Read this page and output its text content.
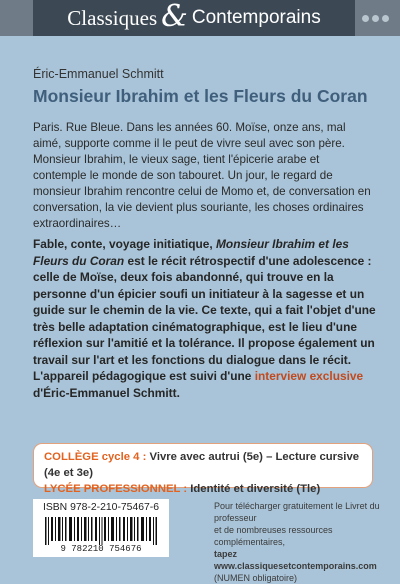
Classiques & Contemporains
Éric-Emmanuel Schmitt
Monsieur Ibrahim et les Fleurs du Coran
Paris. Rue Bleue. Dans les années 60. Moïse, onze ans, mal aimé, supporte comme il le peut de vivre seul avec son père. Monsieur Ibrahim, le vieux sage, tient l'épicerie arabe et contemple le monde de son tabouret. Un jour, le regard de monsieur Ibrahim rencontre celui de Momo et, de conversation en conversation, la vie devient plus souriante, les choses ordinaires extraordinaires…
Fable, conte, voyage initiatique, Monsieur Ibrahim et les Fleurs du Coran est le récit rétrospectif d'une adolescence : celle de Moïse, deux fois abandonné, qui trouve en la personne d'un épicier soufi un initiateur à la sagesse et un guide sur le chemin de la vie. Ce texte, qui a fait l'objet d'une très belle adaptation cinématographique, est le lieu d'une réflexion sur l'amitié et la tolérance. Il propose également un travail sur l'art et les fonctions du dialogue dans le récit.
L'appareil pédagogique est suivi d'une interview exclusive d'Éric-Emmanuel Schmitt.
COLLÈGE cycle 4 : Vivre avec autrui (5e) – Lecture cursive (4e et 3e)
LYCÉE PROFESSIONNEL : Identité et diversité (Tle)
ISBN 978-2-210-75467-6
9 782210 754676
Pour télécharger gratuitement le Livret du professeur
et de nombreuses ressources complémentaires,
tapez www.classiquesetcontemporains.com
(NUMEN obligatoire)
